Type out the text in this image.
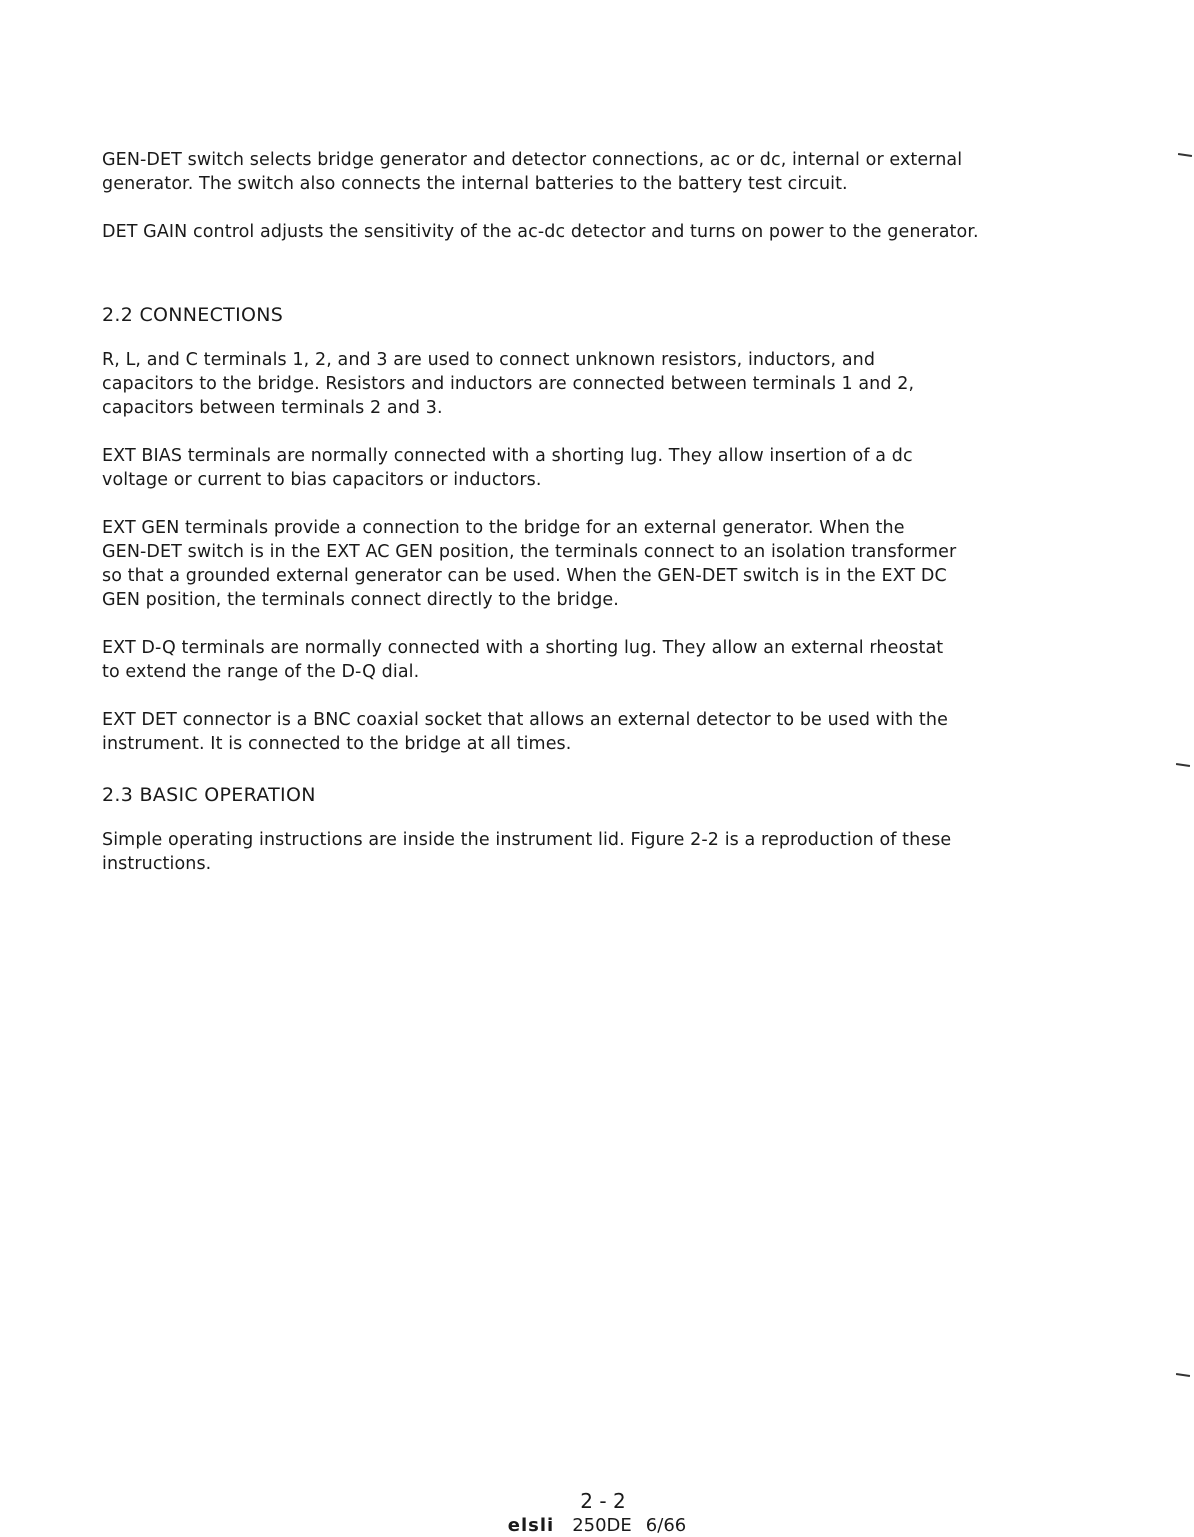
GEN-DET switch selects bridge generator and detector connections, ac or dc, internal or external
generator. The switch also connects the internal batteries to the battery test circuit.

DET GAIN control adjusts the sensitivity of the ac-dc detector and turns on power to the generator.

2.2 CONNECTIONS

R, L, and C terminals 1, 2, and 3 are used to connect unknown resistors, inductors, and
capacitors to the bridge. Resistors and inductors are connected between terminals 1 and 2,
capacitors between terminals 2 and 3.

EXT BIAS terminals are normally connected with a shorting lug. They allow insertion of a dc
voltage or current to bias capacitors or inductors.

EXT GEN terminals provide a connection to the bridge for an external generator. When the
GEN-DET switch is in the EXT AC GEN position, the terminals connect to an isolation transformer
so that a grounded external generator can be used. When the GEN-DET switch is in the EXT DC
GEN position, the terminals connect directly to the bridge.

EXT D-Q terminals are normally connected with a shorting lug. They allow an external rheostat
to extend the range of the D-Q dial.

EXT DET connector is a BNC coaxial socket that allows an external detector to be used with the
instrument. It is connected to the bridge at all times.

2.3 BASIC OPERATION

Simple operating instructions are inside the instrument lid. Figure 2-2 is a reproduction of these
instructions.

2 - 2
elsli 250DE 6/66
